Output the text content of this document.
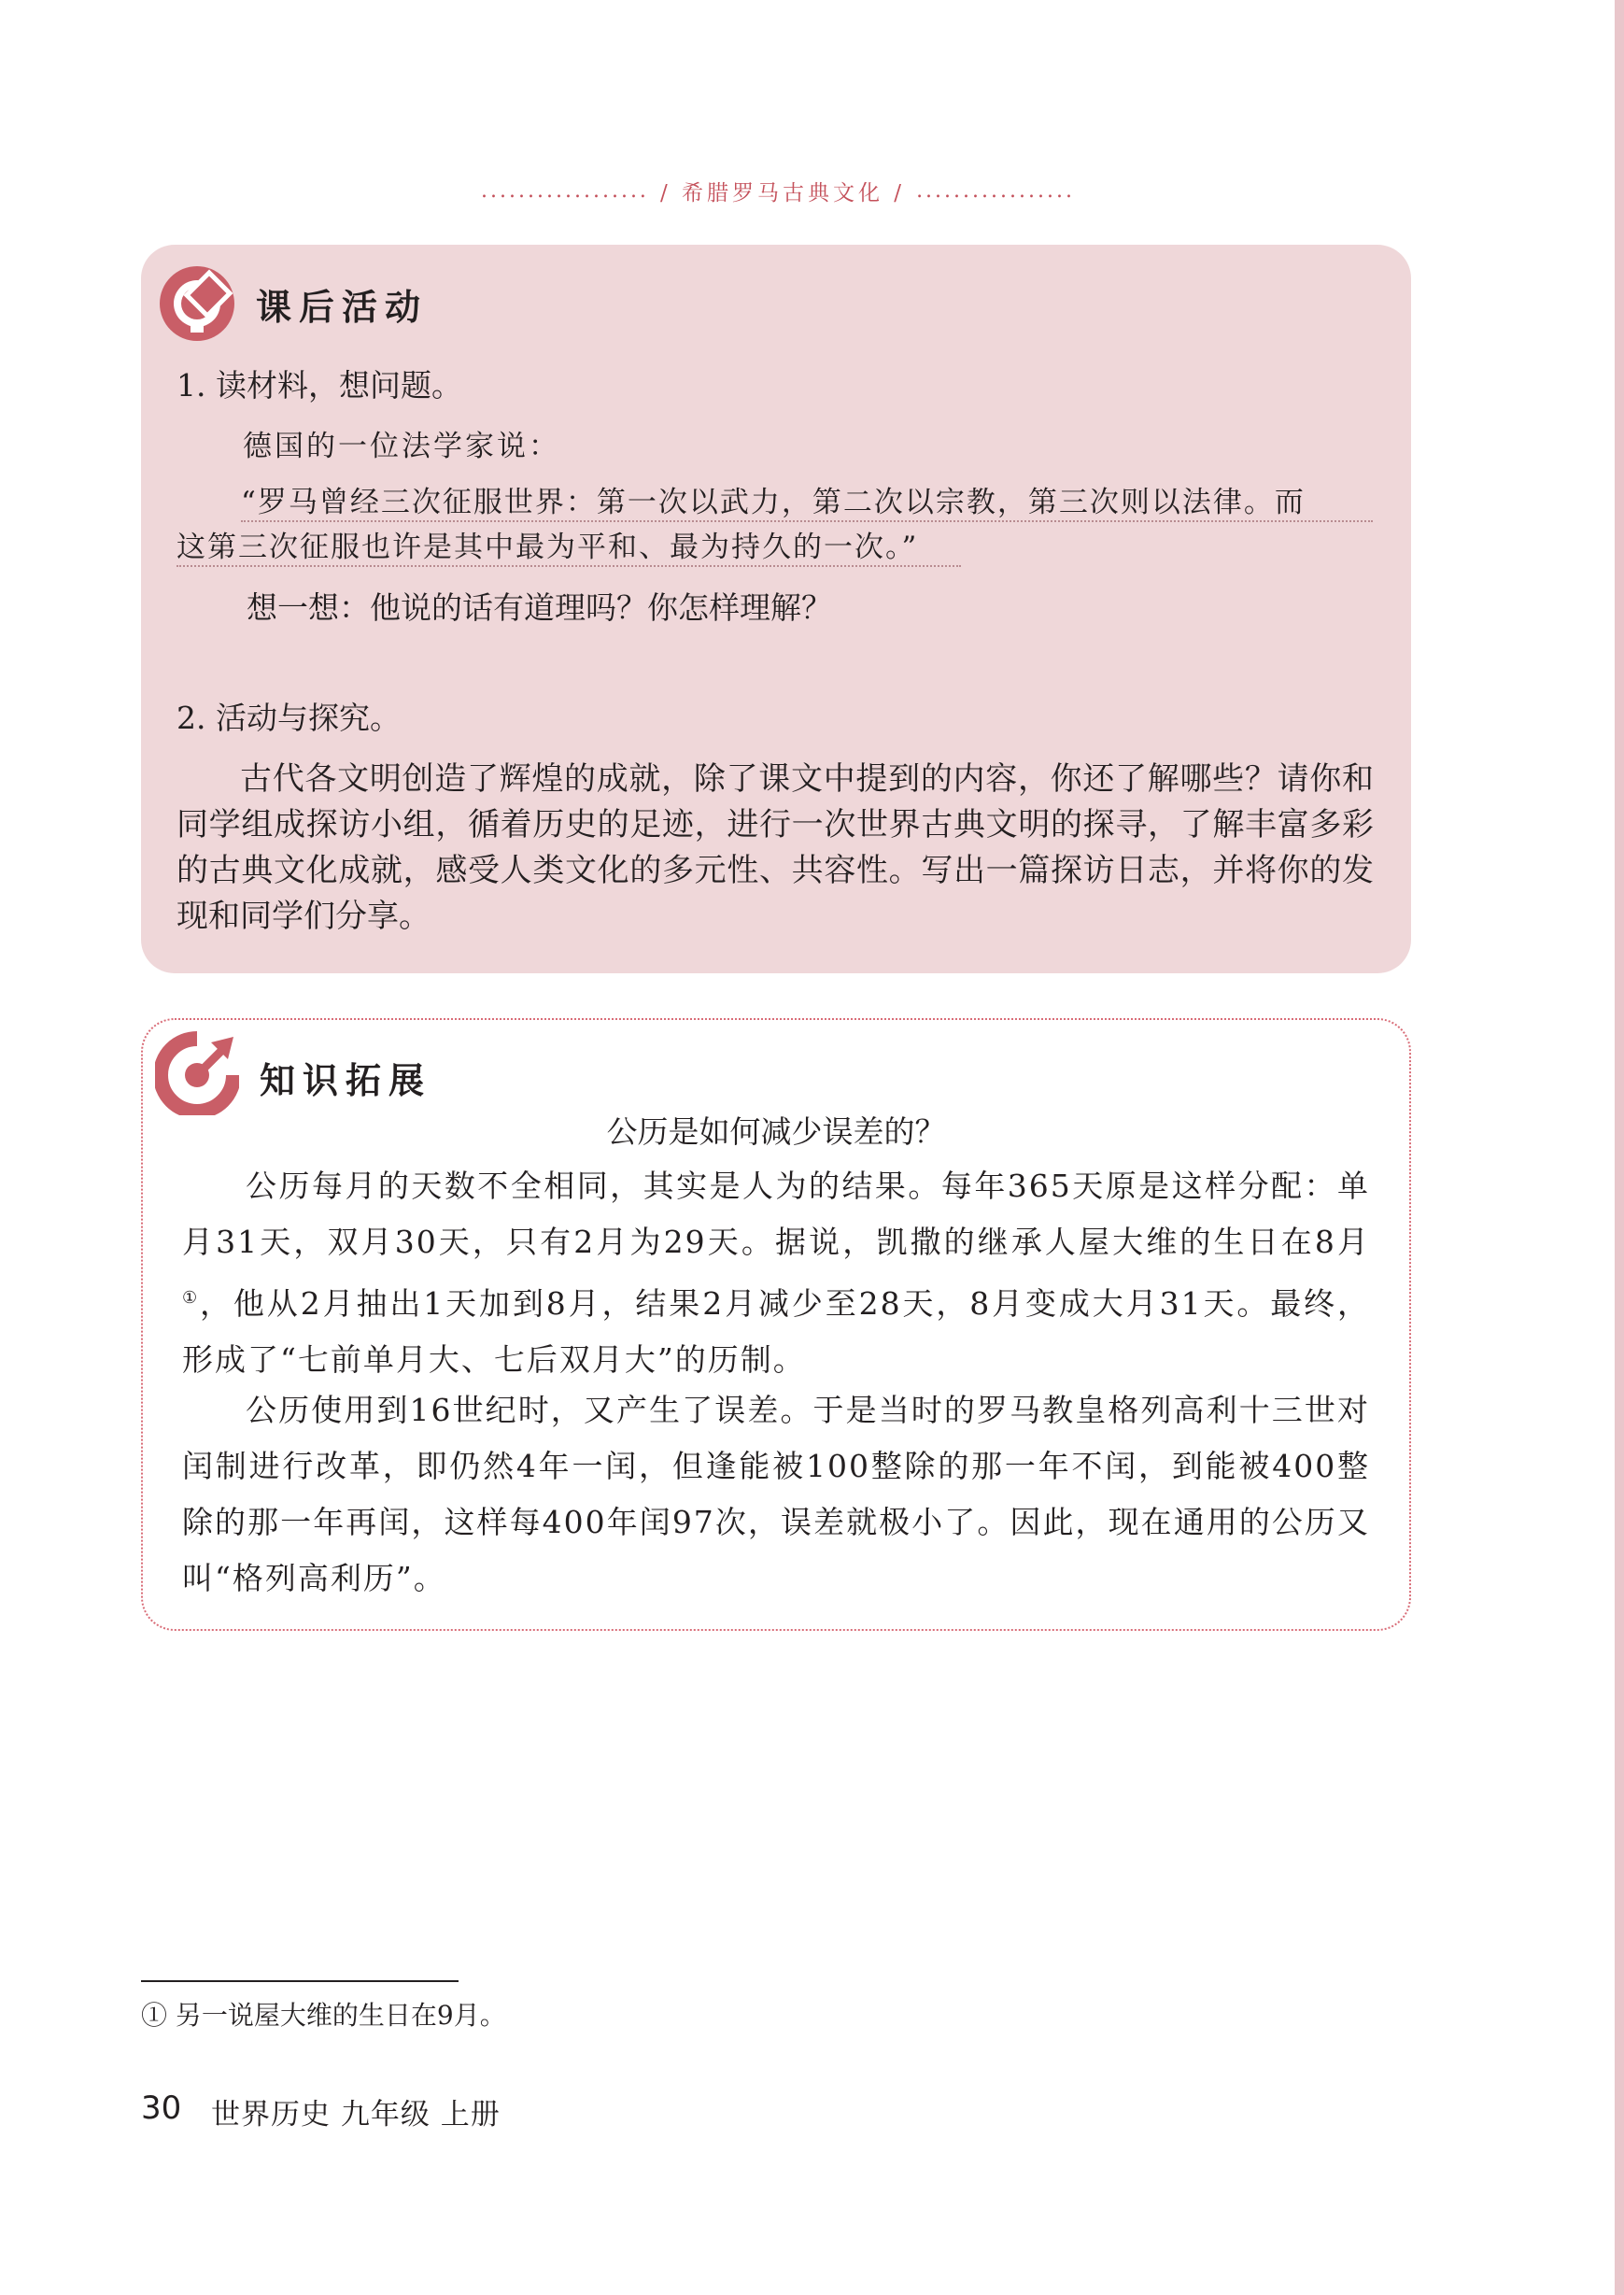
.................. / 希腊罗马古典文化 / .................
课后活动
1. 读材料，想问题。
德国的一位法学家说：
“罗马曾经三次征服世界：第一次以武力，第二次以宗教，第三次则以法律。而
这第三次征服也许是其中最为平和、最为持久的一次。”
想一想：他说的话有道理吗？你怎样理解？
2. 活动与探究。
古代各文明创造了辉煌的成就，除了课文中提到的内容，你还了解哪些？请你和同学组成探访小组，循着历史的足迹，进行一次世界古典文明的探寻，了解丰富多彩的古典文化成就，感受人类文化的多元性、共容性。写出一篇探访日志，并将你的发现和同学们分享。
知识拓展
公历是如何减少误差的？

公历每月的天数不全相同，其实是人为的结果。每年365天原是这样分配：单月31天，双月30天，只有2月为29天。据说，凯撒的继承人屋大维的生日在8月①，他从2月抽出1天加到8月，结果2月减少至28天，8月变成大月31天。最终，形成了“七前单月大、七后双月大”的历制。

公历使用到16世纪时，又产生了误差。于是当时的罗马教皇格列高利十三世对闰制进行改革，即仍然4年一闰，但逢能被100整除的那一年不闰，到能被400整除的那一年再闰，这样每400年闰97次，误差就极小了。因此，现在通用的公历又叫“格列高利历”。

① 另一说屋大维的生日在9月。
30 世界历史 九年级 上册
